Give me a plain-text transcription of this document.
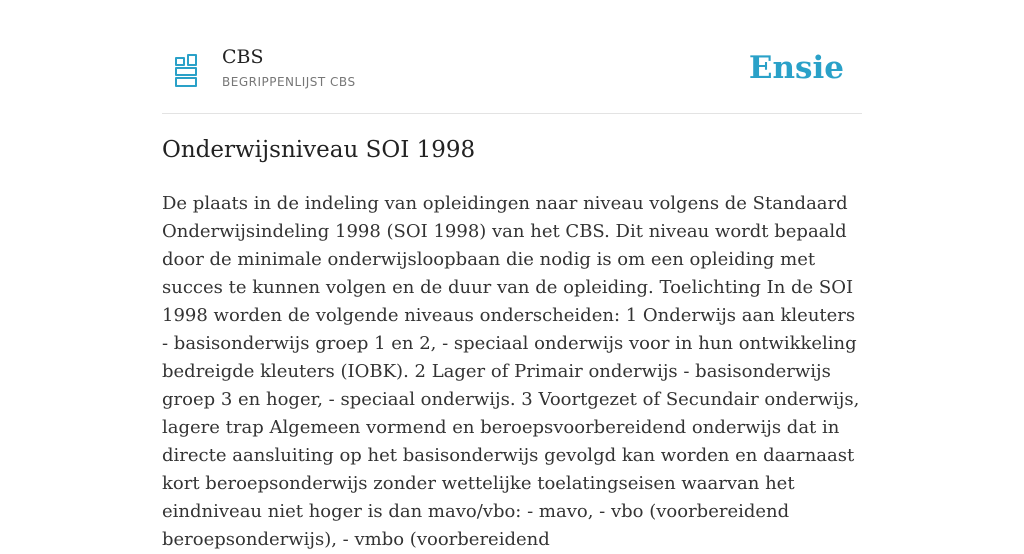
CBS
BEGRIPPENLIJST CBS	Ensie
Onderwijsniveau SOI 1998

De plaats in de indeling van opleidingen naar niveau volgens de Standaard Onderwijsindeling 1998 (SOI 1998) van het CBS. Dit niveau wordt bepaald door de minimale onderwijsloopbaan die nodig is om een opleiding met succes te kunnen volgen en de duur van de opleiding. Toelichting In de SOI 1998 worden de volgende niveaus onderscheiden: 1 Onderwijs aan kleuters - basisonderwijs groep 1 en 2, - speciaal onderwijs voor in hun ontwikkeling bedreigde kleuters (IOBK). 2 Lager of Primair onderwijs - basisonderwijs groep 3 en hoger, - speciaal onderwijs. 3 Voortgezet of Secundair onderwijs, lagere trap Algemeen vormend en beroepsvoorbereidend onderwijs dat in directe aansluiting op het basisonderwijs gevolgd kan worden en daarnaast kort beroepsonderwijs zonder wettelijke toelatingseisen waarvan het eindniveau niet hoger is dan mavo/vbo: - mavo, - vbo (voorbereidend beroepsonderwijs), - vmbo (voorbereidend
